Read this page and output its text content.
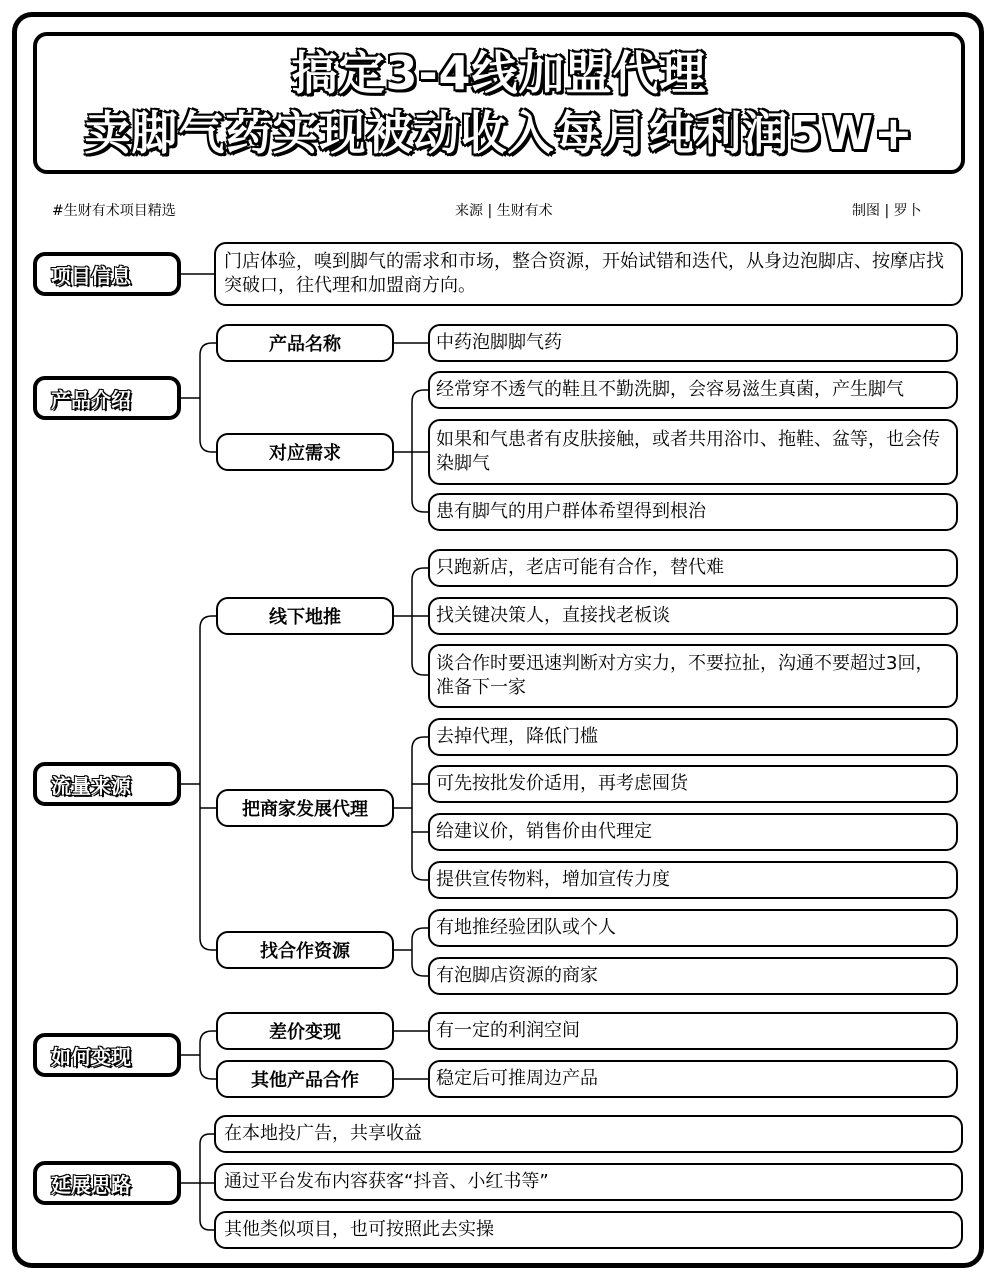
搞定3-4线加盟代理
卖脚气药实现被动收入每月纯利润5W+
#生财有术项目精选	来源 | 生财有术	制图 | 罗卜
项目信息
门店体验，嗅到脚气的需求和市场，整合资源，开始试错和迭代，从身边泡脚店、按摩店找突破口，往代理和加盟商方向。
产品介绍
产品名称	中药泡脚脚气药
对应需求
经常穿不透气的鞋且不勤洗脚，会容易滋生真菌，产生脚气
如果和气患者有皮肤接触，或者共用浴巾、拖鞋、盆等，也会传染脚气
患有脚气的用户群体希望得到根治
流量来源
线下地推
只跑新店，老店可能有合作，替代难
找关键决策人，直接找老板谈
谈合作时要迅速判断对方实力，不要拉扯，沟通不要超过3回，准备下一家
把商家发展代理
去掉代理，降低门槛
可先按批发价适用，再考虑囤货
给建议价，销售价由代理定
提供宣传物料，增加宣传力度
找合作资源
有地推经验团队或个人
有泡脚店资源的商家
如何变现
差价变现	有一定的利润空间
其他产品合作	稳定后可推周边产品
延展思路
在本地投广告，共享收益
通过平台发布内容获客“抖音、小红书等”
其他类似项目，也可按照此去实操
